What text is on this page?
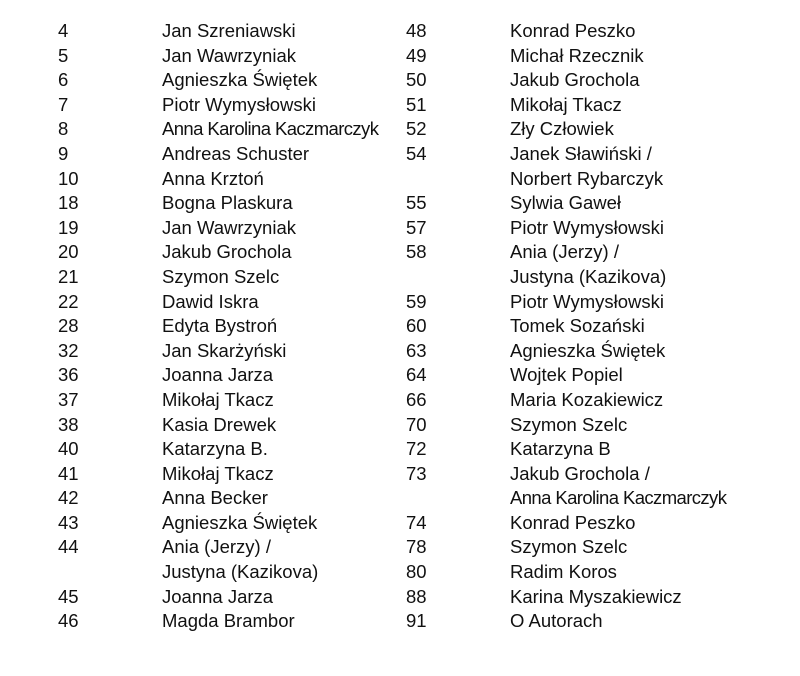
4	Jan Szreniawski
5	Jan Wawrzyniak
6	Agnieszka Świętek
7	Piotr Wymysłowski
8	Anna Karolina Kaczmarczyk
9	Andreas Schuster
10	Anna Krztoń
18	Bogna Plaskura
19	Jan Wawrzyniak
20	Jakub Grochola
21	Szymon Szelc
22	Dawid Iskra
28	Edyta Bystroń
32	Jan Skarżyński
36	Joanna Jarza
37	Mikołaj Tkacz
38	Kasia Drewek
40	Katarzyna B.
41	Mikołaj Tkacz
42	Anna Becker
43	Agnieszka Świętek
44	Ania (Jerzy) /
Justyna (Kazikova)
45	Joanna Jarza
46	Magda Brambor
48	Konrad Peszko
49	Michał Rzecznik
50	Jakub Grochola
51	Mikołaj Tkacz
52	Zły Człowiek
54	Janek Sławiński /
Norbert Rybarczyk
55	Sylwia Gaweł
57	Piotr Wymysłowski
58	Ania (Jerzy) /
Justyna (Kazikova)
59	Piotr Wymysłowski
60	Tomek Sozański
63	Agnieszka Świętek
64	Wojtek Popiel
66	Maria Kozakiewicz
70	Szymon Szelc
72	Katarzyna B
73	Jakub Grochola /
Anna Karolina Kaczmarczyk
74	Konrad Peszko
78	Szymon Szelc
80	Radim Koros
88	Karina Myszakiewicz
91	O Autorach
